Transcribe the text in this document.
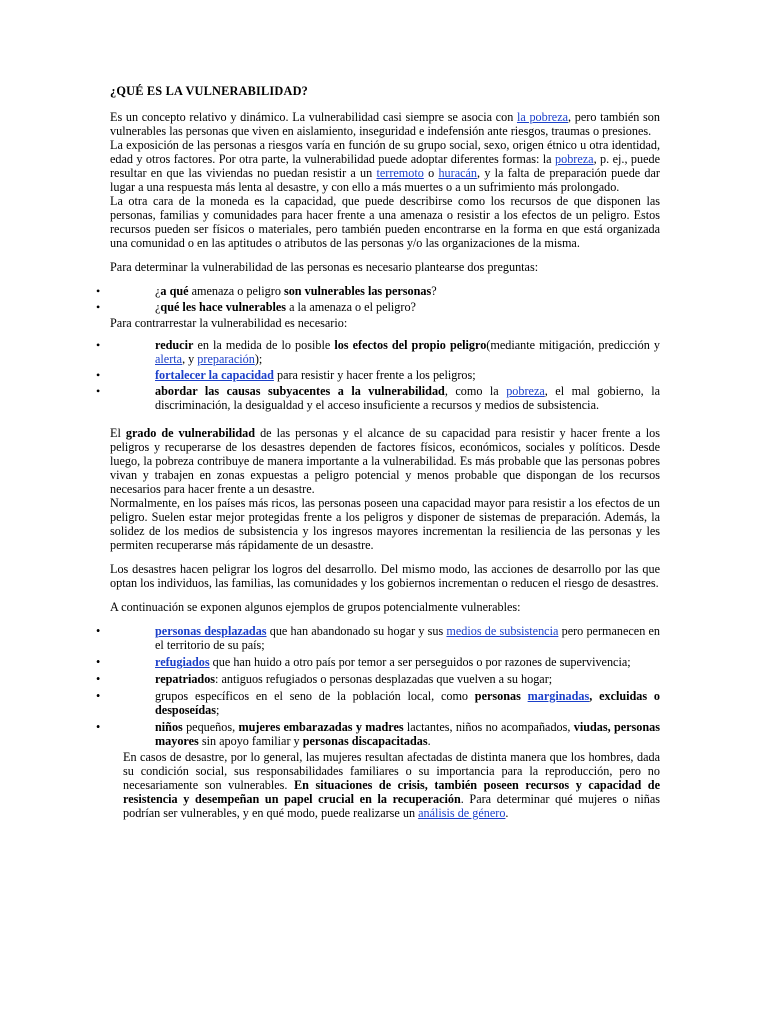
¿QUÉ ES LA VULNERABILIDAD?

Es un concepto relativo y dinámico. La vulnerabilidad casi siempre se asocia con la pobreza, pero también son vulnerables las personas que viven en aislamiento, inseguridad e indefensión ante riesgos, traumas o presiones.

La exposición de las personas a riesgos varía en función de su grupo social, sexo, origen étnico u otra identidad, edad y otros factores. Por otra parte, la vulnerabilidad puede adoptar diferentes formas: la pobreza, p. ej., puede resultar en que las viviendas no puedan resistir a un terremoto o huracán, y la falta de preparación puede dar lugar a una respuesta más lenta al desastre, y con ello a más muertes o a un sufrimiento más prolongado.

La otra cara de la moneda es la capacidad, que puede describirse como los recursos de que disponen las personas, familias y comunidades para hacer frente a una amenaza o resistir a los efectos de un peligro. Estos recursos pueden ser físicos o materiales, pero también pueden encontrarse en la forma en que está organizada una comunidad o en las aptitudes o atributos de las personas y/o las organizaciones de la misma.

Para determinar la vulnerabilidad de las personas es necesario plantearse dos preguntas:

•	¿a qué amenaza o peligro son vulnerables las personas?
•	¿qué les hace vulnerables a la amenaza o el peligro?

Para contrarrestar la vulnerabilidad es necesario:

•	reducir en la medida de lo posible los efectos del propio peligro(mediante mitigación, predicción y alerta, y preparación);
•	fortalecer la capacidad para resistir y hacer frente a los peligros;
•	abordar las causas subyacentes a la vulnerabilidad, como la pobreza, el mal gobierno, la discriminación, la desigualdad y el acceso insuficiente a recursos y medios de subsistencia.

El grado de vulnerabilidad de las personas y el alcance de su capacidad para resistir y hacer frente a los peligros y recuperarse de los desastres dependen de factores físicos, económicos, sociales y políticos. Desde luego, la pobreza contribuye de manera importante a la vulnerabilidad. Es más probable que las personas pobres vivan y trabajen en zonas expuestas a peligro potencial y menos probable que dispongan de los recursos necesarios para hacer frente a un desastre.

Normalmente, en los países más ricos, las personas poseen una capacidad mayor para resistir a los efectos de un peligro. Suelen estar mejor protegidas frente a los peligros y disponer de sistemas de preparación. Además, la solidez de los medios de subsistencia y los ingresos mayores incrementan la resiliencia de las personas y les permiten recuperarse más rápidamente de un desastre.

Los desastres hacen peligrar los logros del desarrollo. Del mismo modo, las acciones de desarrollo por las que optan los individuos, las familias, las comunidades y los gobiernos incrementan o reducen el riesgo de desastres.

A continuación se exponen algunos ejemplos de grupos potencialmente vulnerables:

•	personas desplazadas que han abandonado su hogar y sus medios de subsistencia pero permanecen en el territorio de su país;
•	refugiados que han huido a otro país por temor a ser perseguidos o por razones de supervivencia;
•	repatriados: antiguos refugiados o personas desplazadas que vuelven a su hogar;
•	grupos específicos en el seno de la población local, como personas marginadas, excluidas o desposeídas;
•	niños pequeños, mujeres embarazadas y madres lactantes, niños no acompañados, viudas, personas mayores sin apoyo familiar y personas discapacitadas.

En casos de desastre, por lo general, las mujeres resultan afectadas de distinta manera que los hombres, dada su condición social, sus responsabilidades familiares o su importancia para la reproducción, pero no necesariamente son vulnerables. En situaciones de crisis, también poseen recursos y capacidad de resistencia y desempeñan un papel crucial en la recuperación. Para determinar qué mujeres o niñas podrían ser vulnerables, y en qué modo, puede realizarse un análisis de género.
